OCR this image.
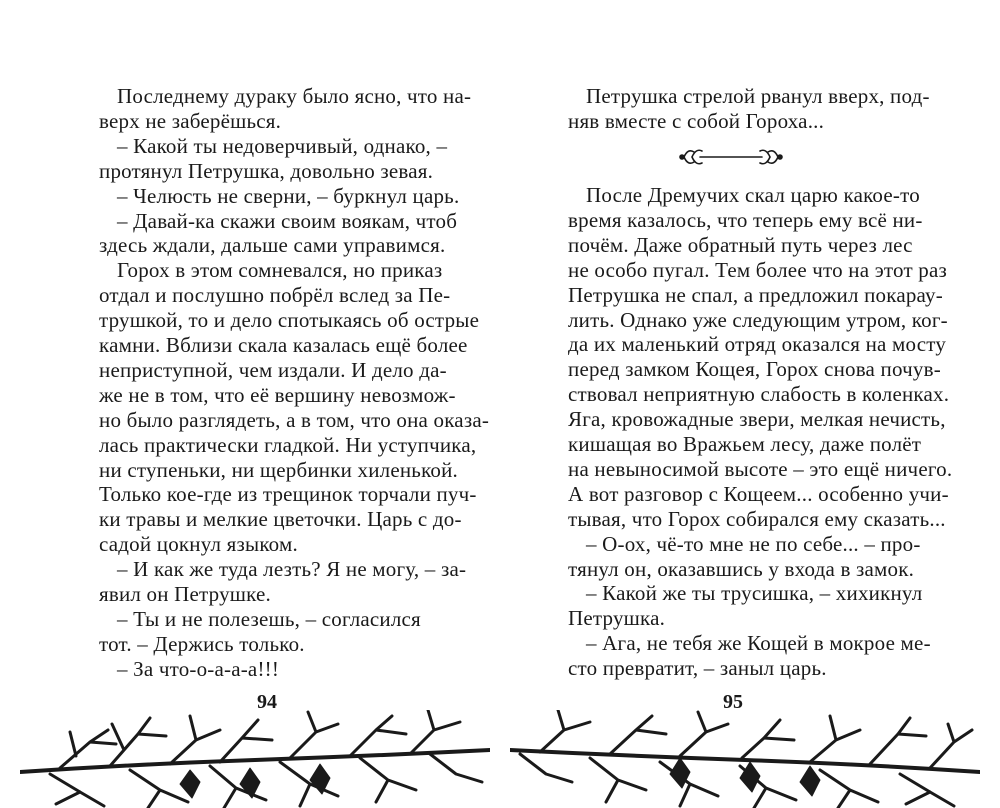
Последнему дураку было ясно, что на-

верх не заберёшься.

– Какой ты недоверчивый, однако, –

протянул Петрушка, довольно зевая.

– Челюсть не сверни, – буркнул царь.

– Давай-ка скажи своим воякам, чтоб

здесь ждали, дальше сами управимся.

Горох в этом сомневался, но приказ

отдал и послушно побрёл вслед за Пе-

трушкой, то и дело спотыкаясь об острые

камни. Вблизи скала казалась ещё более

неприступной, чем издали. И дело да-

же не в том, что её вершину невозмож-

но было разглядеть, а в том, что она оказа-

лась практически гладкой. Ни уступчика,

ни ступеньки, ни щербинки хиленькой.

Только кое-где из трещинок торчали пуч-

ки травы и мелкие цветочки. Царь с до-

садой цокнул языком.

– И как же туда лезть? Я не могу, – за-

явил он Петрушке.

– Ты и не полезешь, – согласился

тот. – Держись только.

– За что-о-а-а-а!!!

94

Петрушка стрелой рванул вверх, под-

няв вместе с собой Гороха...

После Дремучих скал царю какое-то

время казалось, что теперь ему всё ни-

почём. Даже обратный путь через лес

не особо пугал. Тем более что на этот раз

Петрушка не спал, а предложил покарау-

лить. Однако уже следующим утром, ког-

да их маленький отряд оказался на мосту

перед замком Кощея, Горох снова почув-

ствовал неприятную слабость в коленках.

Яга, кровожадные звери, мелкая нечисть,

кишащая во Вражьем лесу, даже полёт

на невыносимой высоте – это ещё ничего.

А вот разговор с Кощеем... особенно учи-

тывая, что Горох собирался ему сказать...

– О-ох, чё-то мне не по себе... – про-

тянул он, оказавшись у входа в замок.

– Какой же ты трусишка, – хихикнул

Петрушка.

– Ага, не тебя же Кощей в мокрое ме-

сто превратит, – заныл царь.

95
